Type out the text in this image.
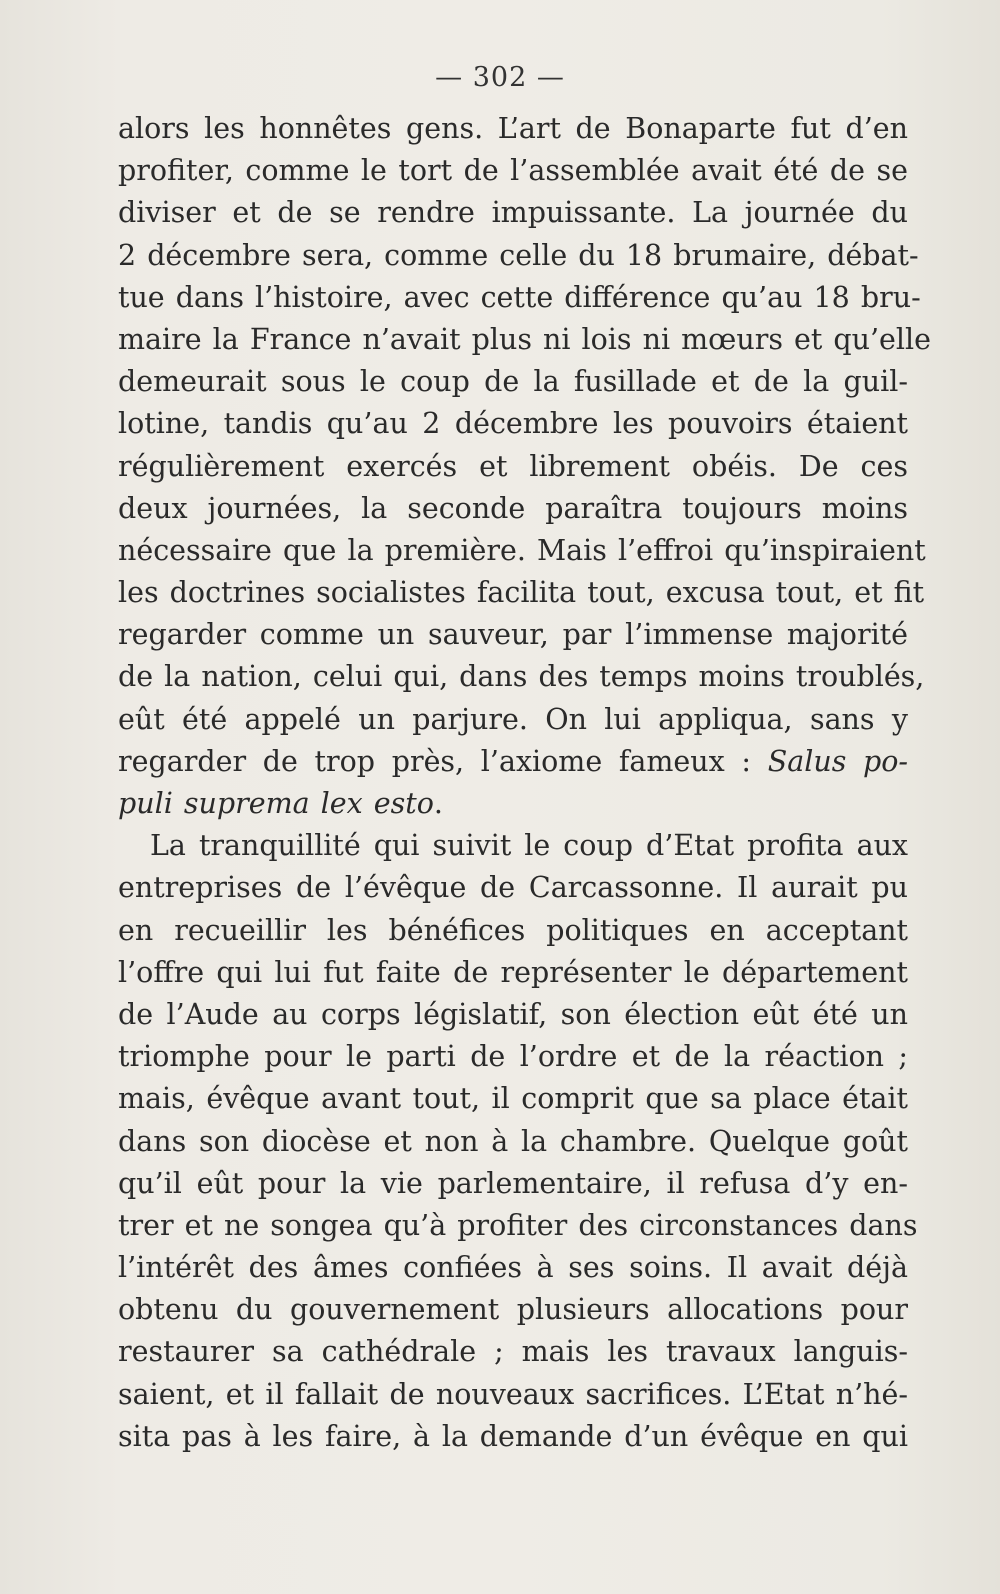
— 302 —
alors les honnêtes gens. L’art de Bonaparte fut d’en
profiter, comme le tort de l’assemblée avait été de se
diviser et de se rendre impuissante. La journée du
2 décembre sera, comme celle du 18 brumaire, débat-
tue dans l’histoire, avec cette différence qu’au 18 bru-
maire la France n’avait plus ni lois ni mœurs et qu’elle
demeurait sous le coup de la fusillade et de la guil-
lotine, tandis qu’au 2 décembre les pouvoirs étaient
régulièrement exercés et librement obéis. De ces
deux journées, la seconde paraîtra toujours moins
nécessaire que la première. Mais l’effroi qu’inspiraient
les doctrines socialistes facilita tout, excusa tout, et fit
regarder comme un sauveur, par l’immense majorité
de la nation, celui qui, dans des temps moins troublés,
eût été appelé un parjure. On lui appliqua, sans y
regarder de trop près, l’axiome fameux : Salus po-
puli suprema lex esto.
La tranquillité qui suivit le coup d’Etat profita aux
entreprises de l’évêque de Carcassonne. Il aurait pu
en recueillir les bénéfices politiques en acceptant
l’offre qui lui fut faite de représenter le département
de l’Aude au corps législatif, son élection eût été un
triomphe pour le parti de l’ordre et de la réaction ;
mais, évêque avant tout, il comprit que sa place était
dans son diocèse et non à la chambre. Quelque goût
qu’il eût pour la vie parlementaire, il refusa d’y en-
trer et ne songea qu’à profiter des circonstances dans
l’intérêt des âmes confiées à ses soins. Il avait déjà
obtenu du gouvernement plusieurs allocations pour
restaurer sa cathédrale ; mais les travaux languis-
saient, et il fallait de nouveaux sacrifices. L’Etat n’hé-
sita pas à les faire, à la demande d’un évêque en qui
